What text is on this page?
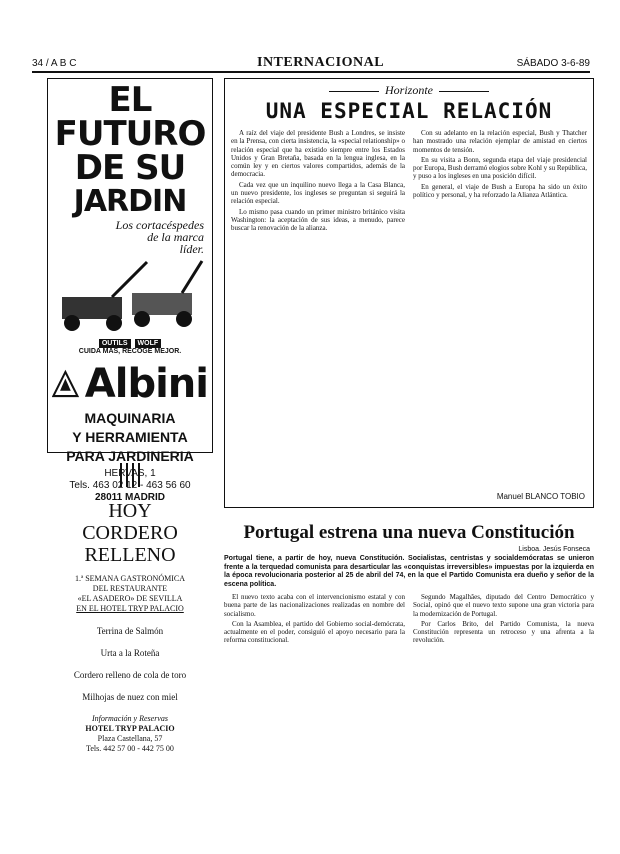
34 / A B C	INTERNACIONAL	SÁBADO 3-6-89
EL FUTURO
DE SU
JARDIN
Los cortacéspedes
de la marca
líder.
OUTILS	WOLF
CUIDA MÁS, RECOGE MEJOR.
Albini
MAQUINARIA
Y HERRAMIENTA
PARA JARDINERIA
HERVAS, 1
Tels. 463 02 12 - 463 56 60
28011 MADRID
HOY
CORDERO
RELLENO
1.ª SEMANA GASTRONÓMICA
DEL RESTAURANTE
«EL ASADERO» DE SEVILLA
EN EL HOTEL TRYP PALACIO
Terrina de Salmón
Urta a la Roteña
Cordero relleno de cola de toro
Milhojas de nuez con miel
Información y Reservas
HOTEL TRYP PALACIO
Plaza Castellana, 57
Tels. 442 57 00 - 442 75 00
Horizonte
UNA ESPECIAL RELACIÓN

A raíz del viaje del presidente Bush a Londres, se insiste en la Prensa, con cierta insistencia, la «special relationship» o relación especial que ha existido siempre entre los Estados Unidos y Gran Bretaña, basada en la lengua inglesa, en la común ley y en ciertos valores compartidos, además de la democracia.

Cada vez que un inquilino nuevo llega a la Casa Blanca, un nuevo presidente, los ingleses se preguntan si seguirá la relación especial.

Lo mismo pasa cuando un primer ministro británico visita Washington: la aceptación de sus ideas, a menudo, parece buscar la renovación de la alianza.

Con su adelanto en la relación especial, Bush y Thatcher han mostrado una relación ejemplar de amistad en ciertos momentos de tensión.

En su visita a Bonn, segunda etapa del viaje presidencial por Europa, Bush derramó elogios sobre Kohl y su República, y puso a los ingleses en una posición difícil.

En general, el viaje de Bush a Europa ha sido un éxito político y personal, y ha reforzado la Alianza Atlántica.

Manuel BLANCO TOBIO
Portugal estrena una nueva Constitución
Lisboa. Jesús Fonseca
Portugal tiene, a partir de hoy, nueva Constitución. Socialistas, centristas y socialdemócratas se unieron frente a la terquedad comunista para desarticular las «conquistas irreversibles» impuestas por la izquierda en la época revolucionaria posterior al 25 de abril del 74, en la que el Partido Comunista era dueño y señor de la escena política.

El nuevo texto acaba con el intervencionismo estatal y con buena parte de las nacionalizaciones realizadas en nombre del socialismo.

Con la Asamblea, el partido del Gobierno social-demócrata, actualmente en el poder, consiguió el apoyo necesario para la reforma constitucional.

Segundo Magalhães, diputado del Centro Democrático y Social, opinó que el nuevo texto supone una gran victoria para la modernización de Portugal.

Por Carlos Brito, del Partido Comunista, la nueva Constitución representa un retroceso y una afrenta a la revolución.
